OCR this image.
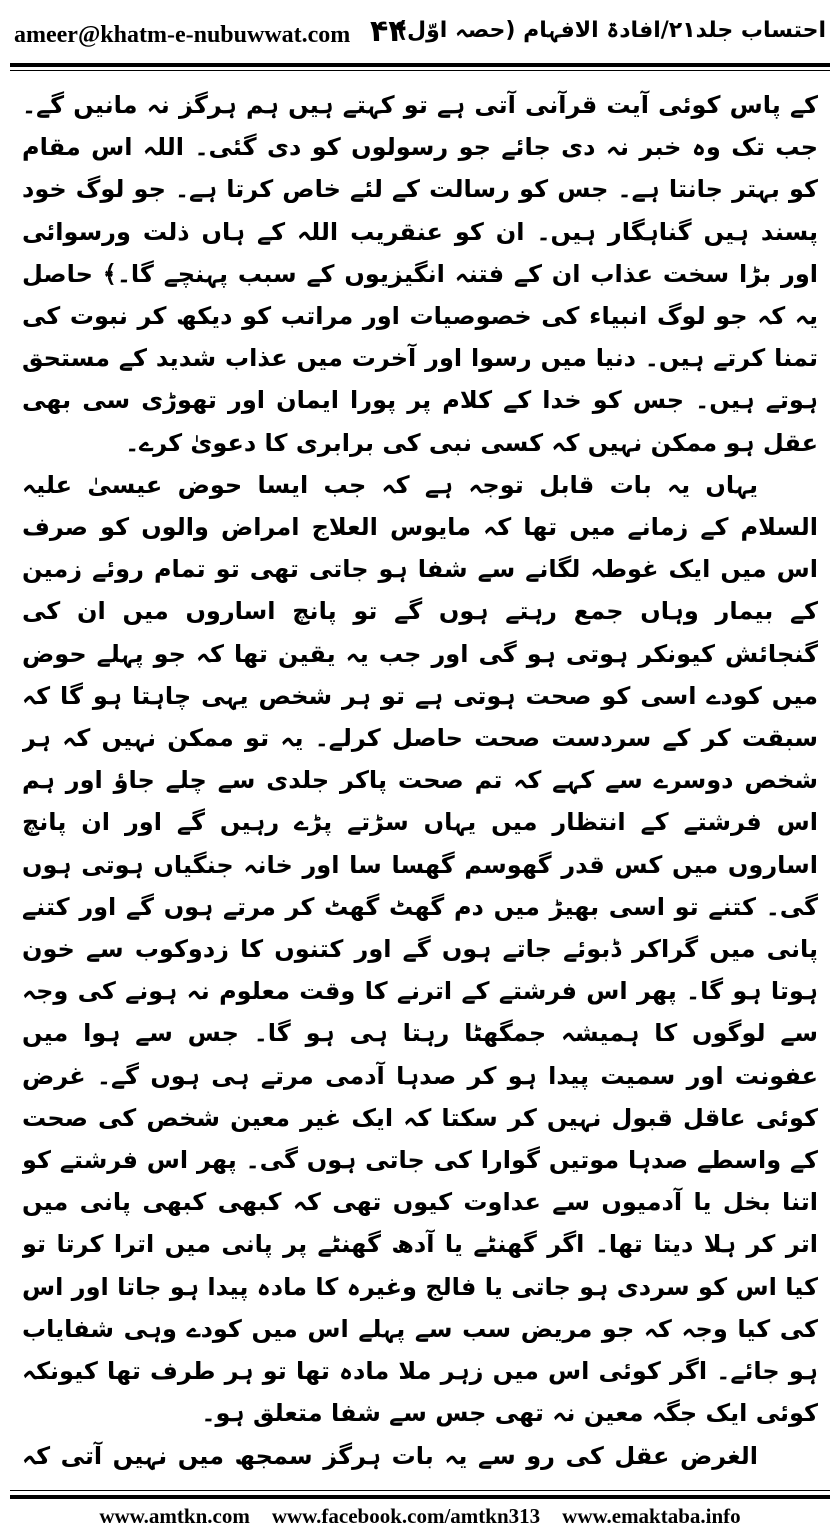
ameer@khatm-e-nubuwwat.com ۴۴
احتساب جلد۲۱/افادۃ الافہام (حصہ اوّل)

کے پاس کوئی آیت قرآنی آتی ہے تو کہتے ہیں ہم ہرگز نہ مانیں گے۔ جب تک وہ خبر نہ دی جائے جو رسولوں کو دی گئی۔ اللہ اس مقام کو بہتر جانتا ہے۔ جس کو رسالت کے لئے خاص کرتا ہے۔ جو لوگ خود پسند ہیں گناہگار ہیں۔ ان کو عنقریب اللہ کے ہاں ذلت ورسوائی اور بڑا سخت عذاب ان کے فتنہ انگیزیوں کے سبب پہنچے گا۔﴾ حاصل یہ کہ جو لوگ انبیاء کی خصوصیات اور مراتب کو دیکھ کر نبوت کی تمنا کرتے ہیں۔ دنیا میں رسوا اور آخرت میں عذاب شدید کے مستحق ہوتے ہیں۔ جس کو خدا کے کلام پر پورا ایمان اور تھوڑی سی بھی عقل ہو ممکن نہیں کہ کسی نبی کی برابری کا دعویٰ کرے۔

یہاں یہ بات قابل توجہ ہے کہ جب ایسا حوض عیسیٰ علیہ السلام کے زمانے میں تھا کہ مایوس العلاج امراض والوں کو صرف اس میں ایک غوطہ لگانے سے شفا ہو جاتی تھی تو تمام روئے زمین کے بیمار وہاں جمع رہتے ہوں گے تو پانچ اساروں میں ان کی گنجائش کیونکر ہوتی ہو گی اور جب یہ یقین تھا کہ جو پہلے حوض میں کودے اسی کو صحت ہوتی ہے تو ہر شخص یہی چاہتا ہو گا کہ سبقت کر کے سردست صحت حاصل کرلے۔ یہ تو ممکن نہیں کہ ہر شخص دوسرے سے کہے کہ تم صحت پاکر جلدی سے چلے جاؤ اور ہم اس فرشتے کے انتظار میں یہاں سڑتے پڑے رہیں گے اور ان پانچ اساروں میں کس قدر گھوسم گھسا سا اور خانہ جنگیاں ہوتی ہوں گی۔ کتنے تو اسی بھیڑ میں دم گھٹ گھٹ کر مرتے ہوں گے اور کتنے پانی میں گراکر ڈبوئے جاتے ہوں گے اور کتنوں کا زدوکوب سے خون ہوتا ہو گا۔ پھر اس فرشتے کے اترنے کا وقت معلوم نہ ہونے کی وجہ سے لوگوں کا ہمیشہ جمگھٹا رہتا ہی ہو گا۔ جس سے ہوا میں عفونت اور سمیت پیدا ہو کر صدہا آدمی مرتے ہی ہوں گے۔ غرض کوئی عاقل قبول نہیں کر سکتا کہ ایک غیر معین شخص کی صحت کے واسطے صدہا موتیں گوارا کی جاتی ہوں گی۔ پھر اس فرشتے کو اتنا بخل یا آدمیوں سے عداوت کیوں تھی کہ کبھی کبھی پانی میں اتر کر ہلا دیتا تھا۔ اگر گھنٹے یا آدھ گھنٹے پر پانی میں اترا کرتا تو کیا اس کو سردی ہو جاتی یا فالج وغیرہ کا مادہ پیدا ہو جاتا اور اس کی کیا وجہ کہ جو مریض سب سے پہلے اس میں کودے وہی شفایاب ہو جائے۔ اگر کوئی اس میں زہر ملا مادہ تھا تو ہر طرف تھا کیونکہ کوئی ایک جگہ معین نہ تھی جس سے شفا متعلق ہو۔

الغرض عقل کی رو سے یہ بات ہرگز سمجھ میں نہیں آتی کہ

www.amtkn.com www.facebook.com/amtkn313 www.emaktaba.info
